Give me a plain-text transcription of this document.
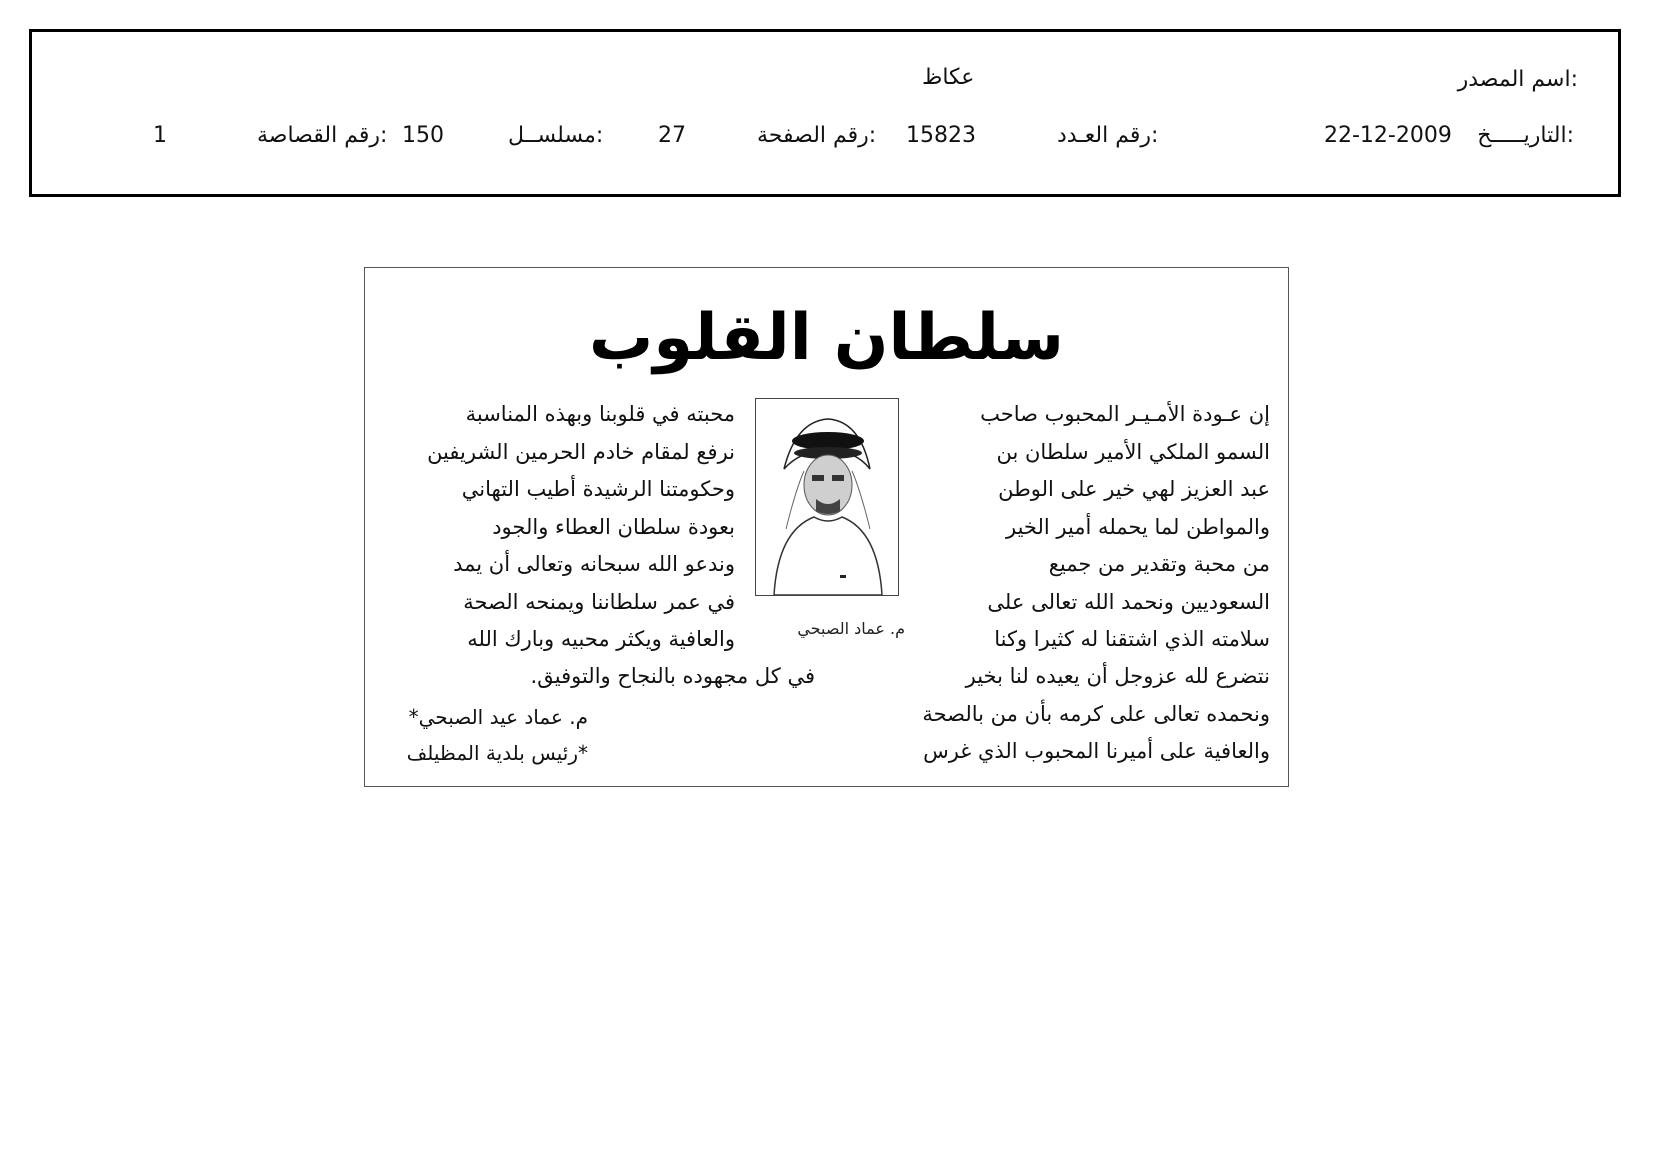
اسم المصدر:
عكاظ
التاريـــــخ:
22-12-2009
رقم العـدد:
15823
رقم الصفحة:
27
مسلســل:
150
رقم القصاصة:
1
سلطان القلوب
إن عـودة الأمـيـر المحبوب صاحب
السمو الملكي الأمير سلطان بن
عبد العزيز لهي خير على الوطن
والمواطن لما يحمله أمير الخير
من محبة وتقدير من جميع
السعوديين ونحمد الله تعالى على
سلامته الذي اشتقنا له كثيرا وكنا
نتضرع لله عزوجل أن يعيده لنا بخير
ونحمده تعالى على كرمه بأن من بالصحة
والعافية على أميرنا المحبوب الذي غرس
محبته في قلوبنا وبهذه المناسبة
نرفع لمقام خادم الحرمين الشريفين
وحكومتنا الرشيدة أطيب التهاني
بعودة سلطان العطاء والجود
وندعو الله سبحانه وتعالى أن يمد
في عمر سلطاننا ويمنحه الصحة
والعافية ويكثر محبيه وبارك الله
في كل مجهوده بالنجاح والتوفيق.
م. عماد الصبحي
م. عماد عيد الصبحي*
*رئيس بلدية المظيلف
